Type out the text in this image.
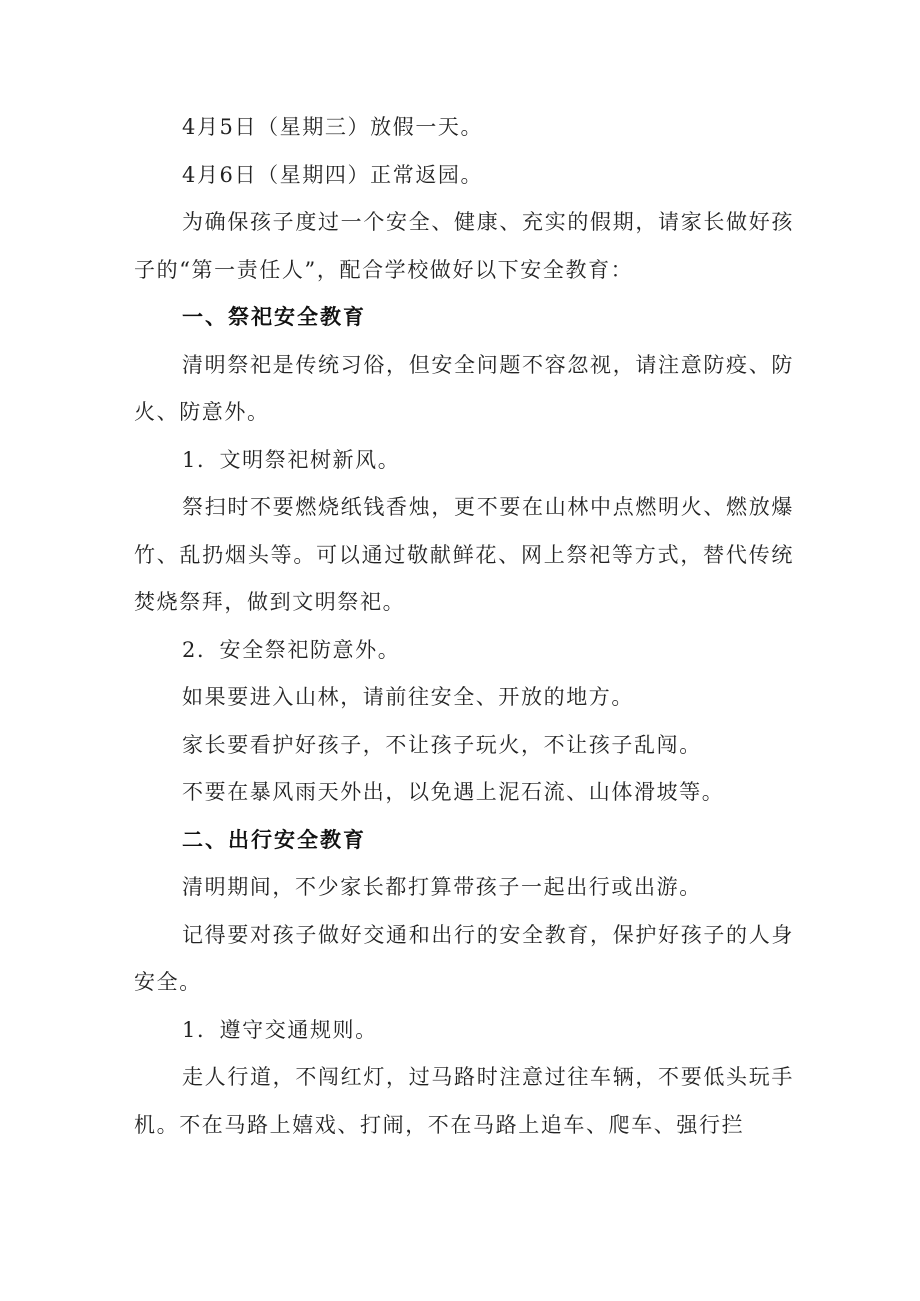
4月5日（星期三）放假一天。

4月6日（星期四）正常返园。

为确保孩子度过一个安全、健康、充实的假期，请家长做好孩子的“第一责任人”，配合学校做好以下安全教育：

一、祭祀安全教育

清明祭祀是传统习俗，但安全问题不容忽视，请注意防疫、防火、防意外。

1．文明祭祀树新风。

祭扫时不要燃烧纸钱香烛，更不要在山林中点燃明火、燃放爆竹、乱扔烟头等。可以通过敬献鲜花、网上祭祀等方式，替代传统焚烧祭拜，做到文明祭祀。

2．安全祭祀防意外。

如果要进入山林，请前往安全、开放的地方。

家长要看护好孩子，不让孩子玩火，不让孩子乱闯。

不要在暴风雨天外出，以免遇上泥石流、山体滑坡等。

二、出行安全教育

清明期间，不少家长都打算带孩子一起出行或出游。

记得要对孩子做好交通和出行的安全教育，保护好孩子的人身安全。

1．遵守交通规则。

走人行道，不闯红灯，过马路时注意过往车辆，不要低头玩手机。不在马路上嬉戏、打闹，不在马路上追车、爬车、强行拦
